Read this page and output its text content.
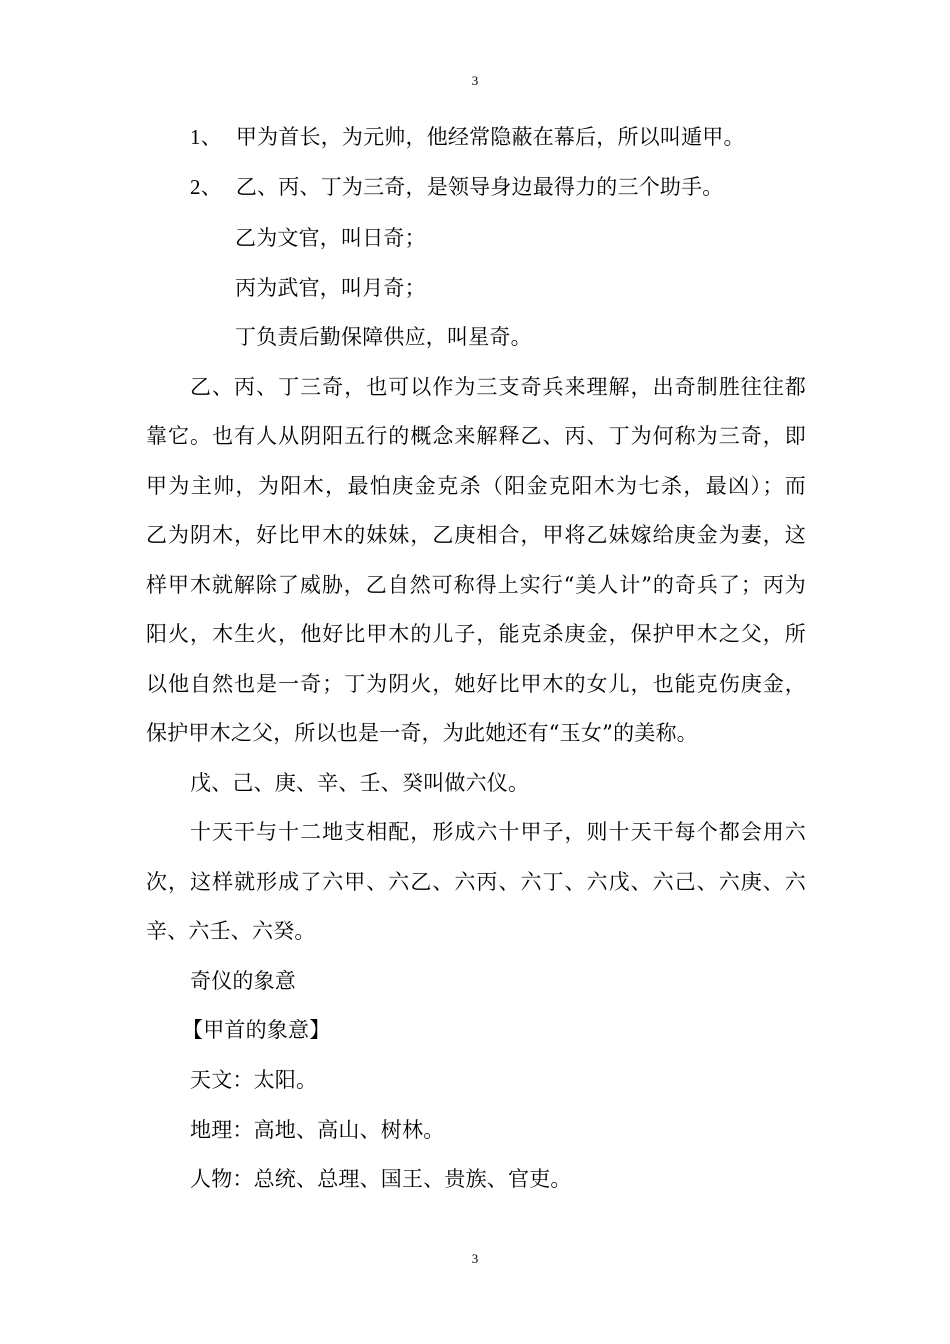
3
1、 甲为首长，为元帅，他经常隐蔽在幕后，所以叫遁甲。
2、 乙、丙、丁为三奇，是领导身边最得力的三个助手。
乙为文官，叫日奇；
丙为武官，叫月奇；
丁负责后勤保障供应，叫星奇。
乙、丙、丁三奇，也可以作为三支奇兵来理解，出奇制胜往往都
靠它。也有人从阴阳五行的概念来解释乙、丙、丁为何称为三奇，即
甲为主帅，为阳木，最怕庚金克杀（阳金克阳木为七杀，最凶）；而
乙为阴木，好比甲木的妹妹，乙庚相合，甲将乙妹嫁给庚金为妻，这
样甲木就解除了威胁，乙自然可称得上实行“美人计”的奇兵了；丙为
阳火，木生火，他好比甲木的儿子，能克杀庚金，保护甲木之父，所
以他自然也是一奇；丁为阴火，她好比甲木的女儿，也能克伤庚金，
保护甲木之父，所以也是一奇，为此她还有“玉女”的美称。
戊、己、庚、辛、壬、癸叫做六仪。
十天干与十二地支相配，形成六十甲子，则十天干每个都会用六
次，这样就形成了六甲、六乙、六丙、六丁、六戊、六己、六庚、六
辛、六壬、六癸。
奇仪的象意
【甲首的象意】
天文：太阳。
地理：高地、高山、树林。
人物：总统、总理、国王、贵族、官吏。
3
